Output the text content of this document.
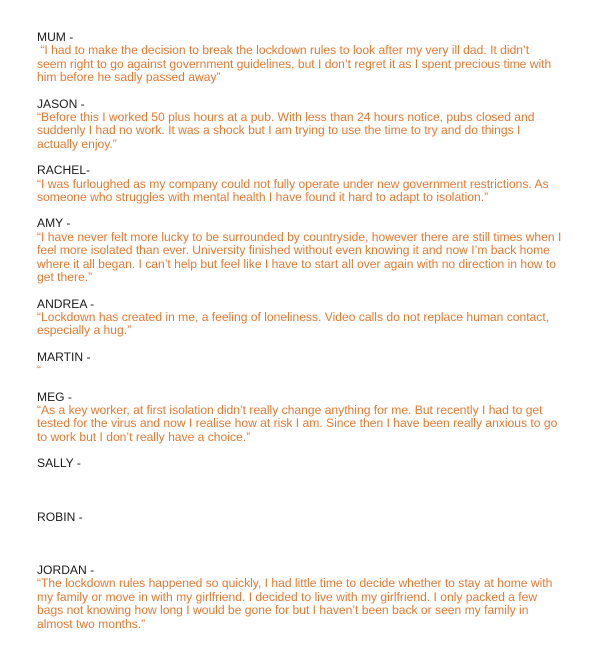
MUM -
“I had to make the decision to break the lockdown rules to look after my very ill dad. It didn’t
seem right to go against government guidelines, but I don’t regret it as I spent precious time with
him before he sadly passed away”
JASON -
“Before this I worked 50 plus hours at a pub. With less than 24 hours notice, pubs closed and
suddenly I had no work. It was a shock but I am trying to use the time to try and do things I
actually enjoy.”
RACHEL-
“I was furloughed as my company could not fully operate under new government restrictions. As
someone who struggles with mental health I have found it hard to adapt to isolation.”
AMY -
“I have never felt more lucky to be surrounded by countryside, however there are still times when I
feel more isolated than ever. University finished without even knowing it and now I’m back home
where it all began. I can’t help but feel like I have to start all over again with no direction in how to
get there.”
ANDREA -
“Lockdown has created in me, a feeling of loneliness. Video calls do not replace human contact,
especially a hug.”
MARTIN -
“
MEG -
“As a key worker, at first isolation didn’t really change anything for me. But recently I had to get
tested for the virus and now I realise how at risk I am. Since then I have been really anxious to go
to work but I don’t really have a choice.”
SALLY -
ROBIN -
JORDAN -
“The lockdown rules happened so quickly, I had little time to decide whether to stay at home with
my family or move in with my girlfriend. I decided to live with my girlfriend. I only packed a few
bags not knowing how long I would be gone for but I haven’t been back or seen my family in
almost two months.”
